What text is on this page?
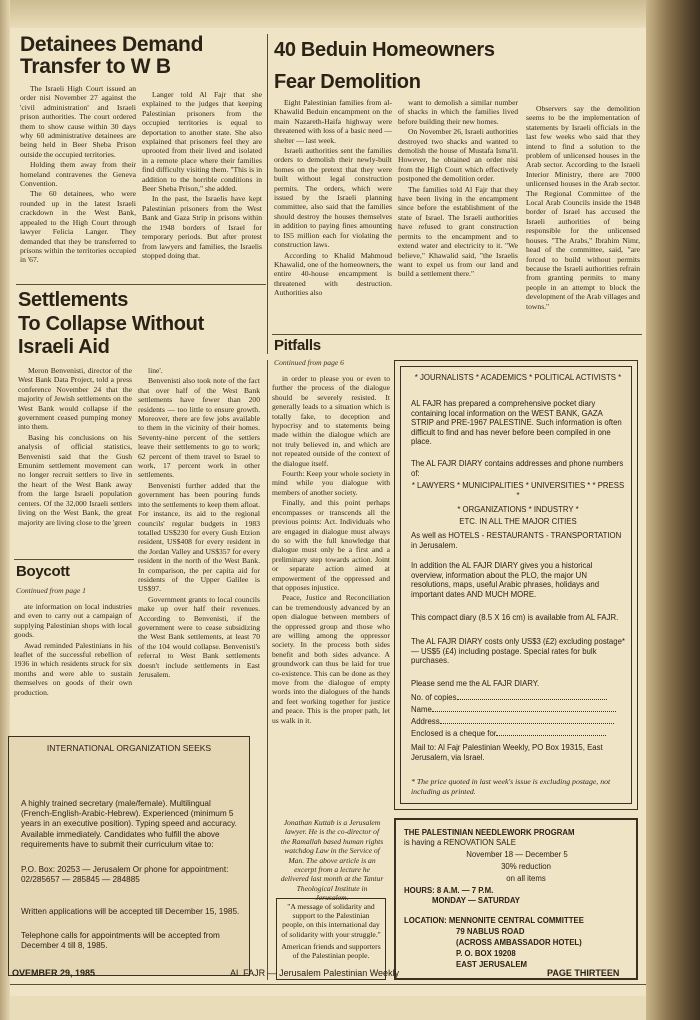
Detainees Demand Transfer to W B

The Israeli High Court issued an order nisi November 27 against the 'civil administration' and Israeli prison authorities. The court ordered them to show cause within 30 days why 60 administrative detainees are being held in Beer Sheba Prison outside the occupied territories.

Holding them away from their homeland contravenes the Geneva Convention.

The 60 detainees, who were rounded up in the latest Israeli crackdown in the West Bank, appealed to the High Court through lawyer Felicia Langer. They demanded that they be transferred to prisons within the territories occupied in '67.

Langer told Al Fajr that she explained to the judges that keeping Palestinian prisoners from the occupied territories is equal to deportation to another state. She also explained that prisoners feel they are uprooted from their lived and isolated in a remote place where their families find difficulty visiting them. "This is in addition to the horrible conditions in Beer Sheba Prison," she added.

In the past, the Israelis have kept Palestinian prisoners from the West Bank and Gaza Strip in prisons within the 1948 borders of Israel for temporary periods. But after protest from lawyers and families, the Israelis stopped doing that.

40 Beduin Homeowners
Fear Demolition

Eight Palestinian families from al-Khawalid Beduin encampment on the main Nazareth-Haifa highway were threatened with loss of a basic need — shelter — last week.

Israeli authorities sent the families orders to demolish their newly-built homes on the pretext that they were built without legal construction permits. The orders, which were issued by the Israeli planning committee, also said that the families should destroy the houses themselves in addition to paying fines amounting to IS5 million each for violating the construction laws.

According to Khalid Mahmoud Khawalid, one of the homeowners, the entire 40-house encampment is threatened with destruction. Authorities also

want to demolish a similar number of shacks in which the families lived before building their new homes.

On November 26, Israeli authorities destroyed two shacks and wanted to demolish the house of Mustafa Isma'il. However, he obtained an order nisi from the High Court which effectively postponed the demolition order.

The families told Al Fajr that they have been living in the encampment since before the establishment of the state of Israel. The Israeli authorities have refused to grant construction permits to the encampment and to extend water and electricity to it. "We believe," Khawalid said, "the Israelis want to expel us from our land and build a settlement there."

Observers say the demolition seems to be the implementation of statements by Israeli officials in the last few weeks who said that they intend to find a solution to the problem of unlicensed houses in the Arab sector. According to the Israeli Interior Ministry, there are 7000 unlicensed houses in the Arab sector. The Regional Committee of the Local Arab Councils inside the 1948 border of Israel has accused the Israeli authorities of being responsible for the unlicensed houses. "The Arabs," Ibrahim Nimr, head of the committee, said, "are forced to build without permits because the Israeli authorities refrain from granting permits to many people in an attempt to block the development of the Arab villages and towns."

Settlements
To Collapse Without
Israeli Aid

Meron Benvenisti, director of the West Bank Data Project, told a press conference November 24 that the majority of Jewish settlements on the West Bank would collapse if the government ceased pumping money into them.

Basing his conclusions on his analysis of official statistics, Benvenisti said that the Gush Emunim settlement movement can no longer recruit settlers to live in the heart of the West Bank away from the large Israeli population centers. Of the 32,000 Israeli settlers living on the West Bank, the great majority are living close to the 'green

line'.

Benvenisti also took note of the fact that over half of the West Bank settlements have fewer than 200 residents — too little to ensure growth. Moreover, there are few jobs available to them in the vicinity of their homes. Seventy-nine percent of the settlers leave their settlements to go to work; 62 percent of them travel to Israel to work, 17 percent work in other settlements.

Benvenisti further added that the government has been pouring funds into the settlements to keep them afloat. For instance, its aid to the regional councils' regular budgets in 1983 totalled US$230 for every Gush Etzion resident, US$408 for every resident in the Jordan Valley and US$357 for every resident in the north of the West Bank. In comparison, the per capita aid for residents of the Upper Galilee is US$97.

Government grants to local councils make up over half their revenues. According to Benvenisti, if the government were to cease subsidizing the West Bank settlements, at least 70 of the 104 would collapse. Benvenisti's referral to West Bank settlements doesn't include settlements in East Jerusalem.

Boycott
Continued from page 1

ate information on local industries and even to carry out a campaign of supplying Palestinian shops with local goods.

Awad reminded Palestinians in his leaflet of the successful rebellion of 1936 in which residents struck for six months and were able to sustain themselves on goods of their own production.

INTERNATIONAL ORGANIZATION SEEKS
A highly trained secretary (male/female). Multilingual (French-English-Arabic-Hebrew). Experienced (minimum 5 years in an executive position). Typing speed and accuracy. Available immediately. Candidates who fulfill the above requirements have to submit their curriculum vitae to:
P.O. Box: 20253 — Jerusalem Or phone for appointment: 02/285657 — 285845 — 284885
Written applications will be accepted till December 15, 1985.
Telephone calls for appointments will be accepted from December 4 till 8, 1985.
Pitfalls
Continued from page 6

in order to please you or even to further the process of the dialogue should be severely resisted. It generally leads to a situation which is totally fake, to deception and hypocrisy and to statements being made within the dialogue which are not truly believed in, and which are not repeated outside of the context of the dialogue itself.

Fourth: Keep your whole society in mind while you dialogue with members of another society.

Finally, and this point perhaps encompasses or transcends all the previous points: Act. Individuals who are engaged in dialogue must always do so with the full knowledge that dialogue must only be a first and a preliminary step towards action. Joint or separate action aimed at empowerment of the oppressed and that opposes injustice.

Peace, Justice and Reconciliation can be tremendously advanced by an open dialogue between members of the oppressed group and those who are willing among the oppressor society. In the process both sides benefit and both sides advance. A groundwork can thus be laid for true co-existence. This can be done as they move from the dialogue of empty words into the dialogues of the hands and feet working together for justice and peace. This is the proper path, let us walk in it.

Jonathan Kuttab is a Jerusalem lawyer. He is the co-director of the Ramallah based human rights watchdog Law in the Service of Man. The above article is an excerpt from a lecture he delivered last month at the Tantur Theological Institute in Jerusalem.
"A message of solidarity and support to the Palestinian people, on this international day of solidarity with your struggle."
American friends and supporters of the Palestinian people.
* JOURNALISTS * ACADEMICS * POLITICAL ACTIVISTS *
AL FAJR has prepared a comprehensive pocket diary containing local information on the WEST BANK, GAZA STRIP and PRE-1967 PALESTINE. Such information is often difficult to find and has never before been compiled in one place.
The AL FAJR DIARY contains addresses and phone numbers of:
* LAWYERS * MUNICIPALITIES * UNIVERSITIES * * PRESS *
* ORGANIZATIONS * INDUSTRY *
ETC. IN ALL THE MAJOR CITIES
As well as HOTELS - RESTAURANTS - TRANSPORTATION in Jerusalem.
In addition the AL FAJR DIARY gives you a historical overview, information about the PLO, the major UN resolutions, maps, useful Arabic phrases, holidays and important dates AND MUCH MORE.
This compact diary (8.5 X 16 cm) is available from AL FAJR.
The AL FAJR DIARY costs only US$3 (£2) excluding postage* — US$5 (£4) including postage. Special rates for bulk purchases.
Please send me the AL FAJR DIARY.
No. of copies
Name
Address
Enclosed is a cheque for
Mail to: Al Fajr Palestinian Weekly, PO Box 19315, East Jerusalem, via Israel.
* The price quoted in last week's issue is excluding postage, not including as printed.
THE PALESTINIAN NEEDLEWORK PROGRAM
is having a RENOVATION SALE
November 18 — December 5
30% reduction
on all items
HOURS: 8 A.M. — 7 P.M.
MONDAY — SATURDAY
LOCATION: MENNONITE CENTRAL COMMITTEE
79 NABLUS ROAD
(ACROSS AMBASSADOR HOTEL)
P. O. BOX 19208
EAST JERUSALEM
OVEMBER 29, 1985	AL FAJR — Jerusalem Palestinian Weekly	PAGE THIRTEEN
